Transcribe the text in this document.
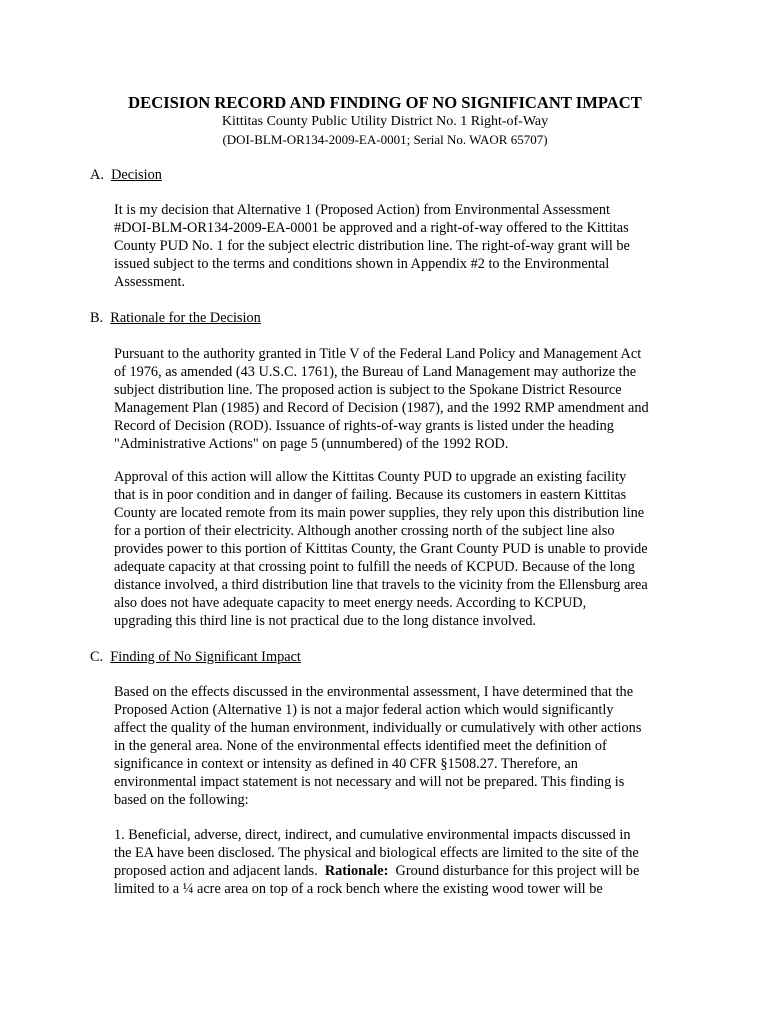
DECISION RECORD AND FINDING OF NO SIGNIFICANT IMPACT
Kittitas County Public Utility District No. 1 Right-of-Way
(DOI-BLM-OR134-2009-EA-0001; Serial No. WAOR 65707)
A. Decision
It is my decision that Alternative 1 (Proposed Action) from Environmental Assessment
#DOI-BLM-OR134-2009-EA-0001 be approved and a right-of-way offered to the Kittitas
County PUD No. 1 for the subject electric distribution line. The right-of-way grant will be
issued subject to the terms and conditions shown in Appendix #2 to the Environmental
Assessment.
B. Rationale for the Decision
Pursuant to the authority granted in Title V of the Federal Land Policy and Management Act
of 1976, as amended (43 U.S.C. 1761), the Bureau of Land Management may authorize the
subject distribution line. The proposed action is subject to the Spokane District Resource
Management Plan (1985) and Record of Decision (1987), and the 1992 RMP amendment and
Record of Decision (ROD). Issuance of rights-of-way grants is listed under the heading
"Administrative Actions" on page 5 (unnumbered) of the 1992 ROD.
Approval of this action will allow the Kittitas County PUD to upgrade an existing facility
that is in poor condition and in danger of failing. Because its customers in eastern Kittitas
County are located remote from its main power supplies, they rely upon this distribution line
for a portion of their electricity. Although another crossing north of the subject line also
provides power to this portion of Kittitas County, the Grant County PUD is unable to provide
adequate capacity at that crossing point to fulfill the needs of KCPUD. Because of the long
distance involved, a third distribution line that travels to the vicinity from the Ellensburg area
also does not have adequate capacity to meet energy needs. According to KCPUD,
upgrading this third line is not practical due to the long distance involved.
C. Finding of No Significant Impact
Based on the effects discussed in the environmental assessment, I have determined that the
Proposed Action (Alternative 1) is not a major federal action which would significantly
affect the quality of the human environment, individually or cumulatively with other actions
in the general area. None of the environmental effects identified meet the definition of
significance in context or intensity as defined in 40 CFR §1508.27. Therefore, an
environmental impact statement is not necessary and will not be prepared. This finding is
based on the following:
1. Beneficial, adverse, direct, indirect, and cumulative environmental impacts discussed in
the EA have been disclosed. The physical and biological effects are limited to the site of the
proposed action and adjacent lands.  Rationale:  Ground disturbance for this project will be
limited to a ¼ acre area on top of a rock bench where the existing wood tower will be
